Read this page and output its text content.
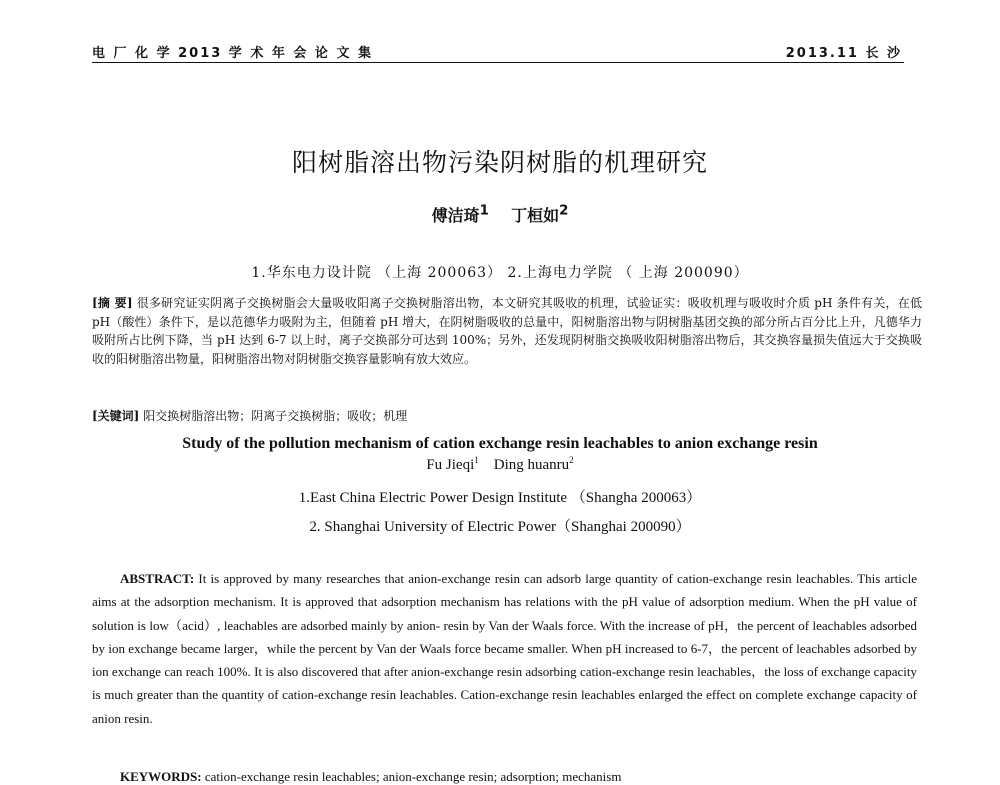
电 厂 化 学 2013 学 术 年 会 论 文 集	2013.11 长 沙
阳树脂溶出物污染阴树脂的机理研究
傅洁琦$^1$ 丁桓如$^2$
1.华东电力设计院 （上海 200063） 2.上海电力学院 （ 上海 200090）
[摘 要] 很多研究证实阴离子交换树脂会大量吸收阳离子交换树脂溶出物，本文研究其吸收的机理，试验证实：吸收机理与吸收时介质 pH 条件有关，在低 pH（酸性）条件下，是以范德华力吸附为主，但随着 pH 增大，在阴树脂吸收的总量中，阳树脂溶出物与阴树脂基团交换的部分所占百分比上升，凡德华力吸附所占比例下降，当 pH 达到 6-7 以上时，离子交换部分可达到 100%；另外，还发现阴树脂交换吸收阳树脂溶出物后，其交换容量损失值远大于交换吸收的阳树脂溶出物量，阳树脂溶出物对阴树脂交换容量影响有放大效应。
[关键词] 阳交换树脂溶出物；阴离子交换树脂；吸收；机理
Study of the pollution mechanism of cation exchange resin leachables to anion exchange resin
Fu Jieqi$^1$ Ding huanru$^2$
1.East China Electric Power Design Institute （Shangha 200063）
2. Shanghai University of Electric Power（Shanghai 200090）
ABSTRACT: It is approved by many researches that anion-exchange resin can adsorb large quantity of cation-exchange resin leachables. This article aims at the adsorption mechanism. It is approved that adsorption mechanism has relations with the pH value of adsorption medium. When the pH value of solution is low（acid）, leachables are adsorbed mainly by anion- resin by Van der Waals force. With the increase of pH，the percent of leachables adsorbed by ion exchange became larger，while the percent by Van der Waals force became smaller. When pH increased to 6-7，the percent of leachables adsorbed by ion exchange can reach 100%. It is also discovered that after anion-exchange resin adsorbing cation-exchange resin leachables，the loss of exchange capacity is much greater than the quantity of cation-exchange resin leachables. Cation-exchange resin leachables enlarged the effect on complete exchange capacity of anion resin.
KEYWORDS: cation-exchange resin leachables; anion-exchange resin; adsorption; mechanism
